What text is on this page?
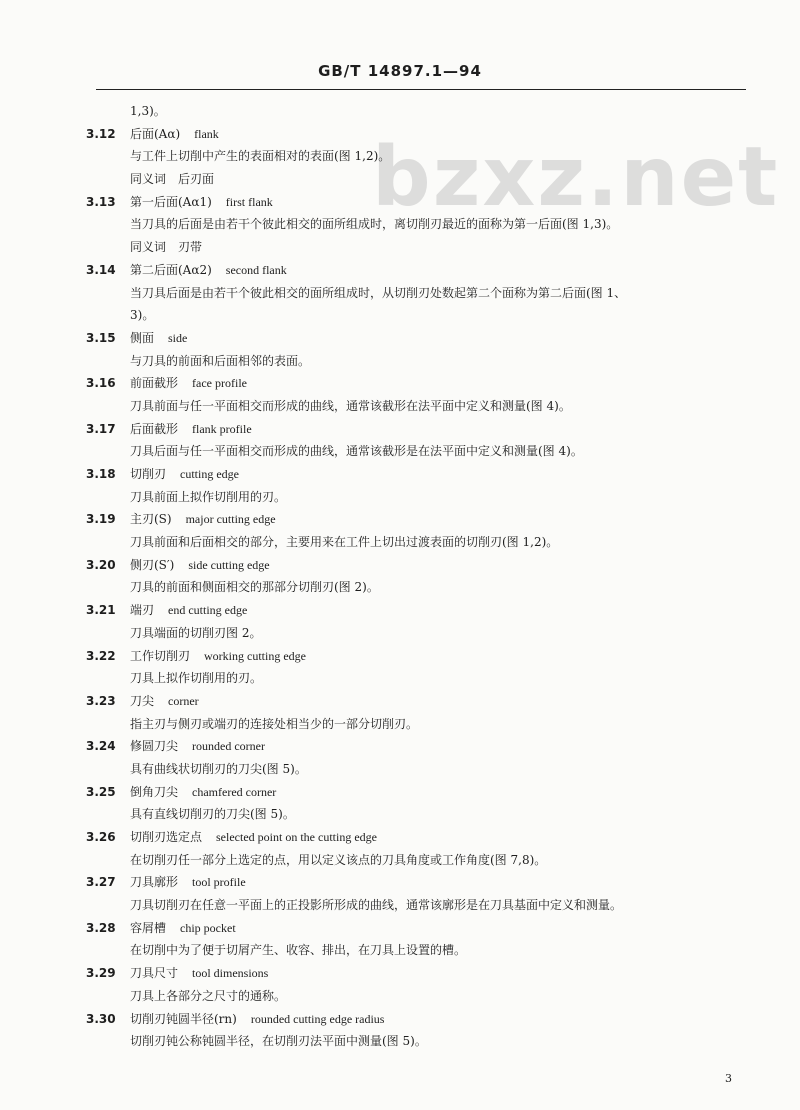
GB/T 14897.1—94
bzxz.net
1,3)。
3.12	后面(Aα) flank
与工件上切削中产生的表面相对的表面(图 1,2)。
同义词　后刃面
3.13	第一后面(Aα1) first flank
当刀具的后面是由若干个彼此相交的面所组成时，离切削刃最近的面称为第一后面(图 1,3)。
同义词　刃带
3.14	第二后面(Aα2) second flank
当刀具后面是由若干个彼此相交的面所组成时，从切削刃处数起第二个面称为第二后面(图 1、
3)。
3.15	侧面 side
与刀具的前面和后面相邻的表面。
3.16	前面截形 face profile
刀具前面与任一平面相交而形成的曲线，通常该截形在法平面中定义和测量(图 4)。
3.17	后面截形 flank profile
刀具后面与任一平面相交而形成的曲线，通常该截形是在法平面中定义和测量(图 4)。
3.18	切削刃 cutting edge
刀具前面上拟作切削用的刃。
3.19	主刃(S) major cutting edge
刀具前面和后面相交的部分，主要用来在工件上切出过渡表面的切削刃(图 1,2)。
3.20	侧刃(S′) side cutting edge
刀具的前面和侧面相交的那部分切削刃(图 2)。
3.21	端刃 end cutting edge
刀具端面的切削刃图 2。
3.22	工作切削刃 working cutting edge
刀具上拟作切削用的刃。
3.23	刀尖 corner
指主刃与侧刃或端刃的连接处相当少的一部分切削刃。
3.24	修圆刀尖 rounded corner
具有曲线状切削刃的刀尖(图 5)。
3.25	倒角刀尖 chamfered corner
具有直线切削刃的刀尖(图 5)。
3.26	切削刃选定点 selected point on the cutting edge
在切削刃任一部分上选定的点，用以定义该点的刀具角度或工作角度(图 7,8)。
3.27	刀具廓形 tool profile
刀具切削刃在任意一平面上的正投影所形成的曲线，通常该廓形是在刀具基面中定义和测量。
3.28	容屑槽 chip pocket
在切削中为了便于切屑产生、收容、排出，在刀具上设置的槽。
3.29	刀具尺寸 tool dimensions
刀具上各部分之尺寸的通称。
3.30	切削刃钝圆半径(rn) rounded cutting edge radius
切削刃钝公称钝圆半径，在切削刃法平面中测量(图 5)。
3
